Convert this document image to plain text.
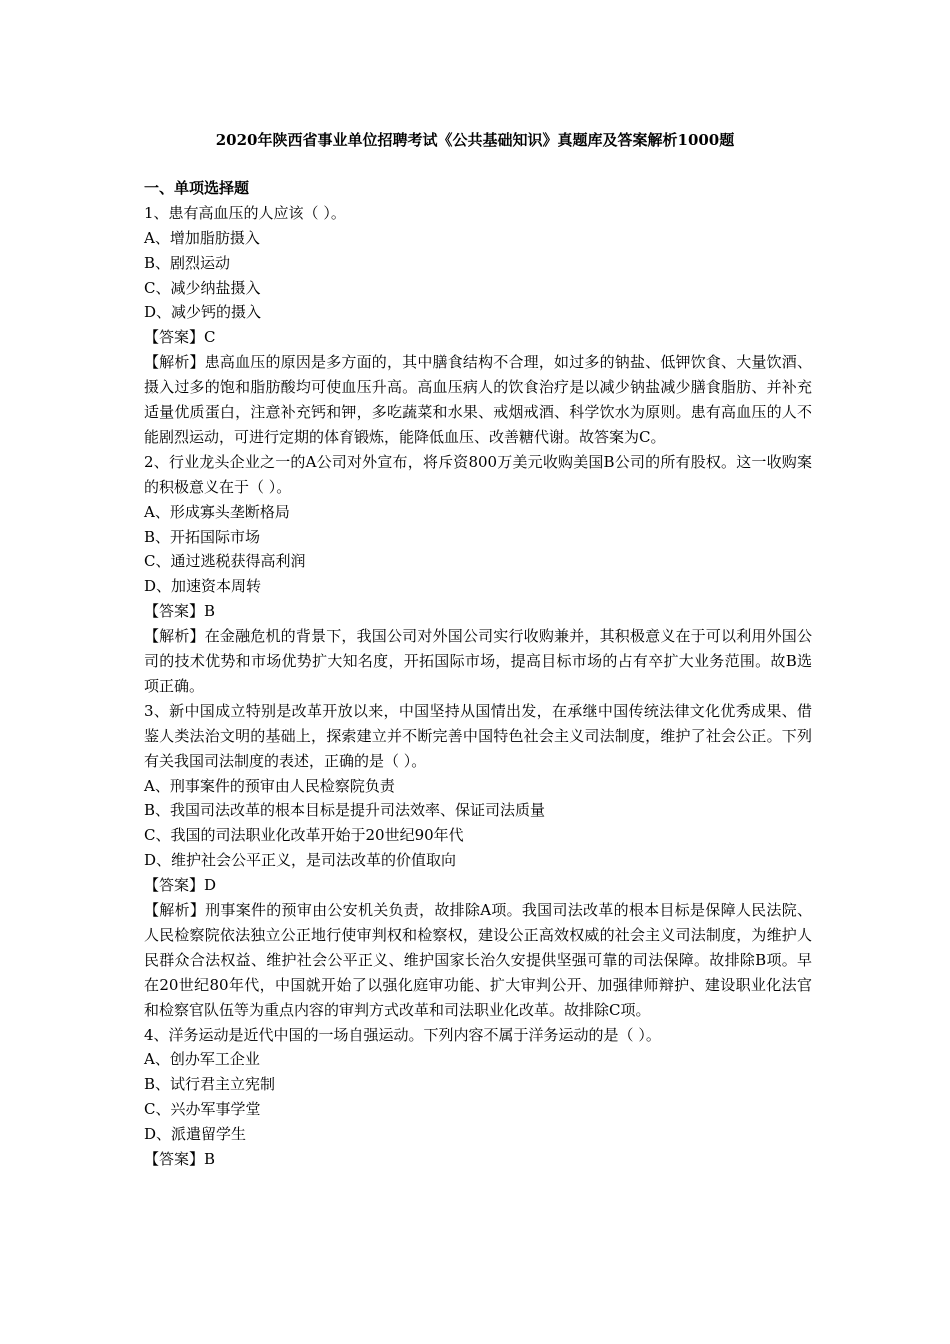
2020年陕西省事业单位招聘考试《公共基础知识》真题库及答案解析1000题
一、单项选择题
1、患有高血压的人应该（ ）。
A、增加脂肪摄入
B、剧烈运动
C、减少纳盐摄入
D、减少钙的摄入
【答案】C
【解析】患高血压的原因是多方面的，其中膳食结构不合理，如过多的钠盐、低钾饮食、大量饮酒、摄入过多的饱和脂肪酸均可使血压升高。高血压病人的饮食治疗是以减少钠盐减少膳食脂肪、并补充适量优质蛋白，注意补充钙和钾，多吃蔬菜和水果、戒烟戒酒、科学饮水为原则。患有高血压的人不能剧烈运动，可进行定期的体育锻炼，能降低血压、改善糖代谢。故答案为C。
2、行业龙头企业之一的A公司对外宣布，将斥资800万美元收购美国B公司的所有股权。这一收购案的积极意义在于（ ）。
A、形成寡头垄断格局
B、开拓国际市场
C、通过逃税获得高利润
D、加速资本周转
【答案】B
【解析】在金融危机的背景下，我国公司对外国公司实行收购兼并，其积极意义在于可以利用外国公司的技术优势和市场优势扩大知名度，开拓国际市场，提高目标市场的占有卒扩大业务范围。故B选项正确。
3、新中国成立特别是改革开放以来，中国坚持从国情出发，在承继中国传统法律文化优秀成果、借鉴人类法治文明的基础上，探索建立并不断完善中国特色社会主义司法制度，维护了社会公正。下列有关我国司法制度的表述，正确的是（ ）。
A、刑事案件的预审由人民检察院负责
B、我国司法改革的根本目标是提升司法效率、保证司法质量
C、我国的司法职业化改革开始于20世纪90年代
D、维护社会公平正义，是司法改革的价值取向
【答案】D
【解析】刑事案件的预审由公安机关负责，故排除A项。我国司法改革的根本目标是保障人民法院、人民检察院依法独立公正地行使审判权和检察权，建设公正高效权威的社会主义司法制度，为维护人民群众合法权益、维护社会公平正义、维护国家长治久安提供坚强可靠的司法保障。故排除B项。早在20世纪80年代，中国就开始了以强化庭审功能、扩大审判公开、加强律师辩护、建设职业化法官和检察官队伍等为重点内容的审判方式改革和司法职业化改革。故排除C项。
4、洋务运动是近代中国的一场自强运动。下列内容不属于洋务运动的是（ ）。
A、创办军工企业
B、试行君主立宪制
C、兴办军事学堂
D、派遣留学生
【答案】B
